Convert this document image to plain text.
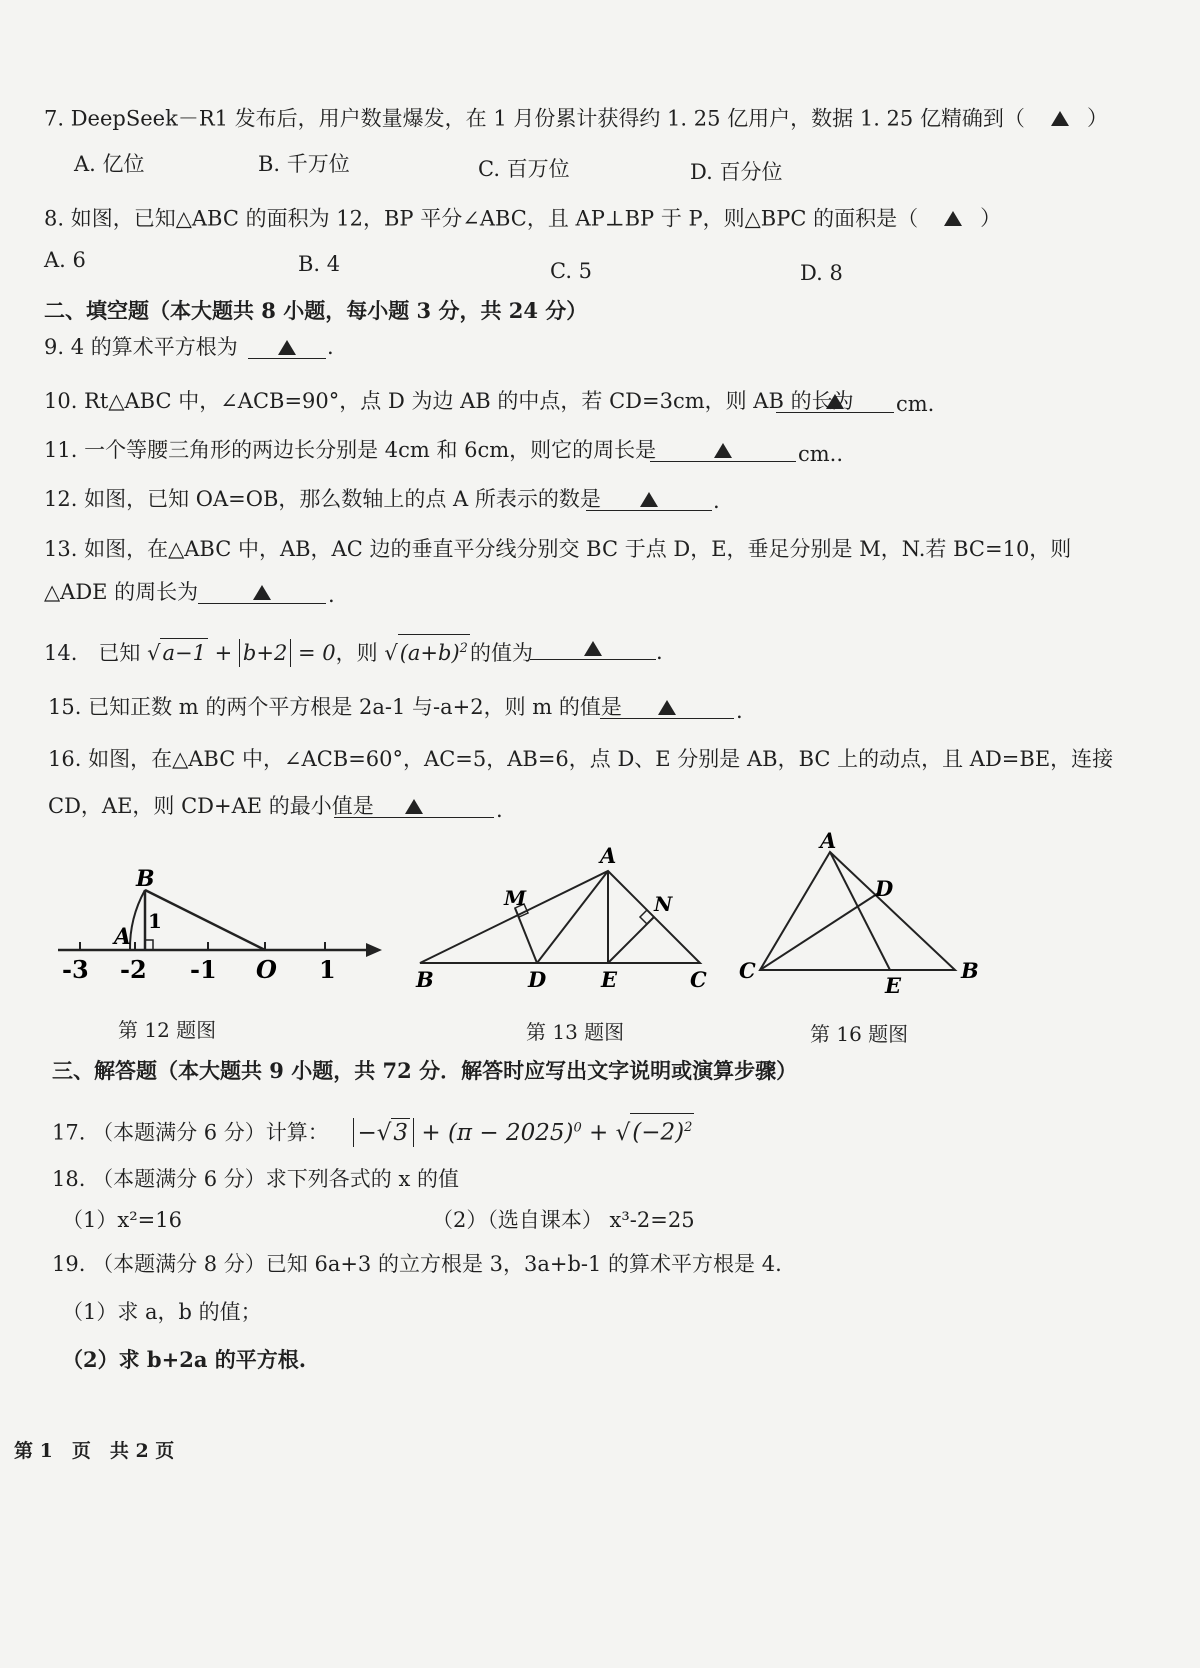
7. DeepSeek－R1 发布后，用户数量爆发，在 1 月份累计获得约 1. 25 亿用户，数据 1. 25 亿精确到（	）
A. 亿位	B. 千万位	C. 百万位	D. 百分位
8. 如图，已知△ABC 的面积为 12，BP 平分∠ABC，且 AP⊥BP 于 P，则△BPC 的面积是（	）
A. 6	B. 4	C. 5	D. 8
二、填空题（本大题共 8 小题，每小题 3 分，共 24 分）
9. 4 的算术平方根为	.
10. Rt△ABC 中，∠ACB=90°，点 D 为边 AB 的中点，若 CD=3cm，则 AB 的长为 cm.
11. 一个等腰三角形的两边长分别是 4cm 和 6cm，则它的周长是	cm..
12. 如图，已知 OA=OB，那么数轴上的点 A 所表示的数是	.
13. 如图，在△ABC 中，AB，AC 边的垂直平分线分别交 BC 于点 D，E，垂足分别是 M，N.若 BC=10，则
△ADE 的周长为	.
14.　已知 √a−1 + b+2 = 0，则 $√(a+b)^2$的值为	.
15. 已知正数 m 的两个平方根是 2a-1 与-a+2，则 m 的值是	.
16. 如图，在△ABC 中，∠ACB=60°，AC=5，AB=6，点 D、E 分别是 AB，BC 上的动点，且 AD=BE，连接
CD，AE，则 CD+AE 的最小值是	.
B
A
1
-3 -2 -1 O 1
第 12 题图
A
M	N
B	D	E	C
第 13 题图
A
D
C
E
B
第 16 题图
三、解答题（本大题共 9 小题，共 72 分．解答时应写出文字说明或演算步骤）
17. （本题满分 6 分）计算： $-√3 + (\pi - 2025)^0 + √(-2)^2$
18. （本题满分 6 分）求下列各式的 x 的值
（1）x²=16	（2）（选自课本） x³-2=25
19. （本题满分 8 分）已知 6a+3 的立方根是 3，3a+b-1 的算术平方根是 4.
（1）求 a，b 的值；
（2）求 b+2a 的平方根.
第 1　页　共 2 页
